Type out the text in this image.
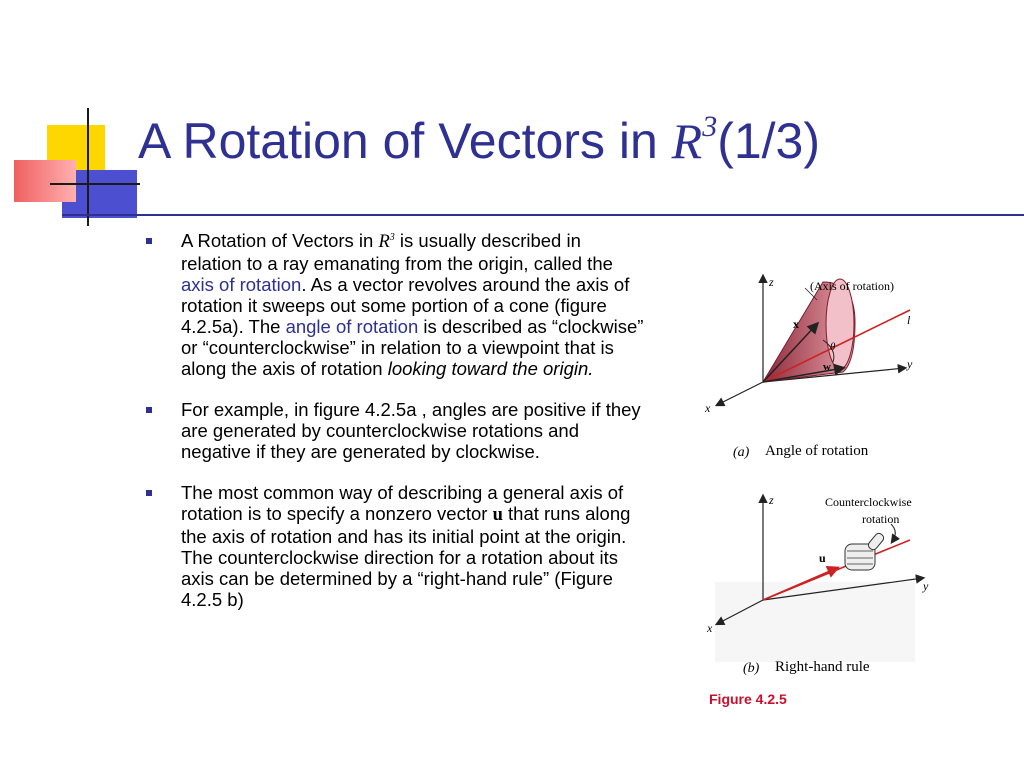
A Rotation of Vectors in $R^3(1/3)$
A Rotation of Vectors in $R^3$ is usually described in relation to a ray emanating from the origin, called the axis of rotation. As a vector revolves around the axis of rotation it sweeps out some portion of a cone (figure 4.2.5a). The angle of rotation is described as “clockwise” or “counterclockwise” in relation to a viewpoint that is along the axis of rotation looking toward the origin.
For example, in figure 4.2.5a , angles are positive if they are generated by counterclockwise rotations and negative if they are generated by clockwise.
The most common way of describing a general axis of rotation is to specify a nonzero vector u that runs along the axis of rotation and has its initial point at the origin. The counterclockwise direction for a rotation about its axis can be determined by a “right-hand rule” (Figure 4.2.5 b)
(Axis of rotation)
z
y
x
l
x
w
θ
(a) Angle of rotation
Counterclockwise
rotation
z
y
x
u
(b) Right-hand rule
Figure 4.2.5
